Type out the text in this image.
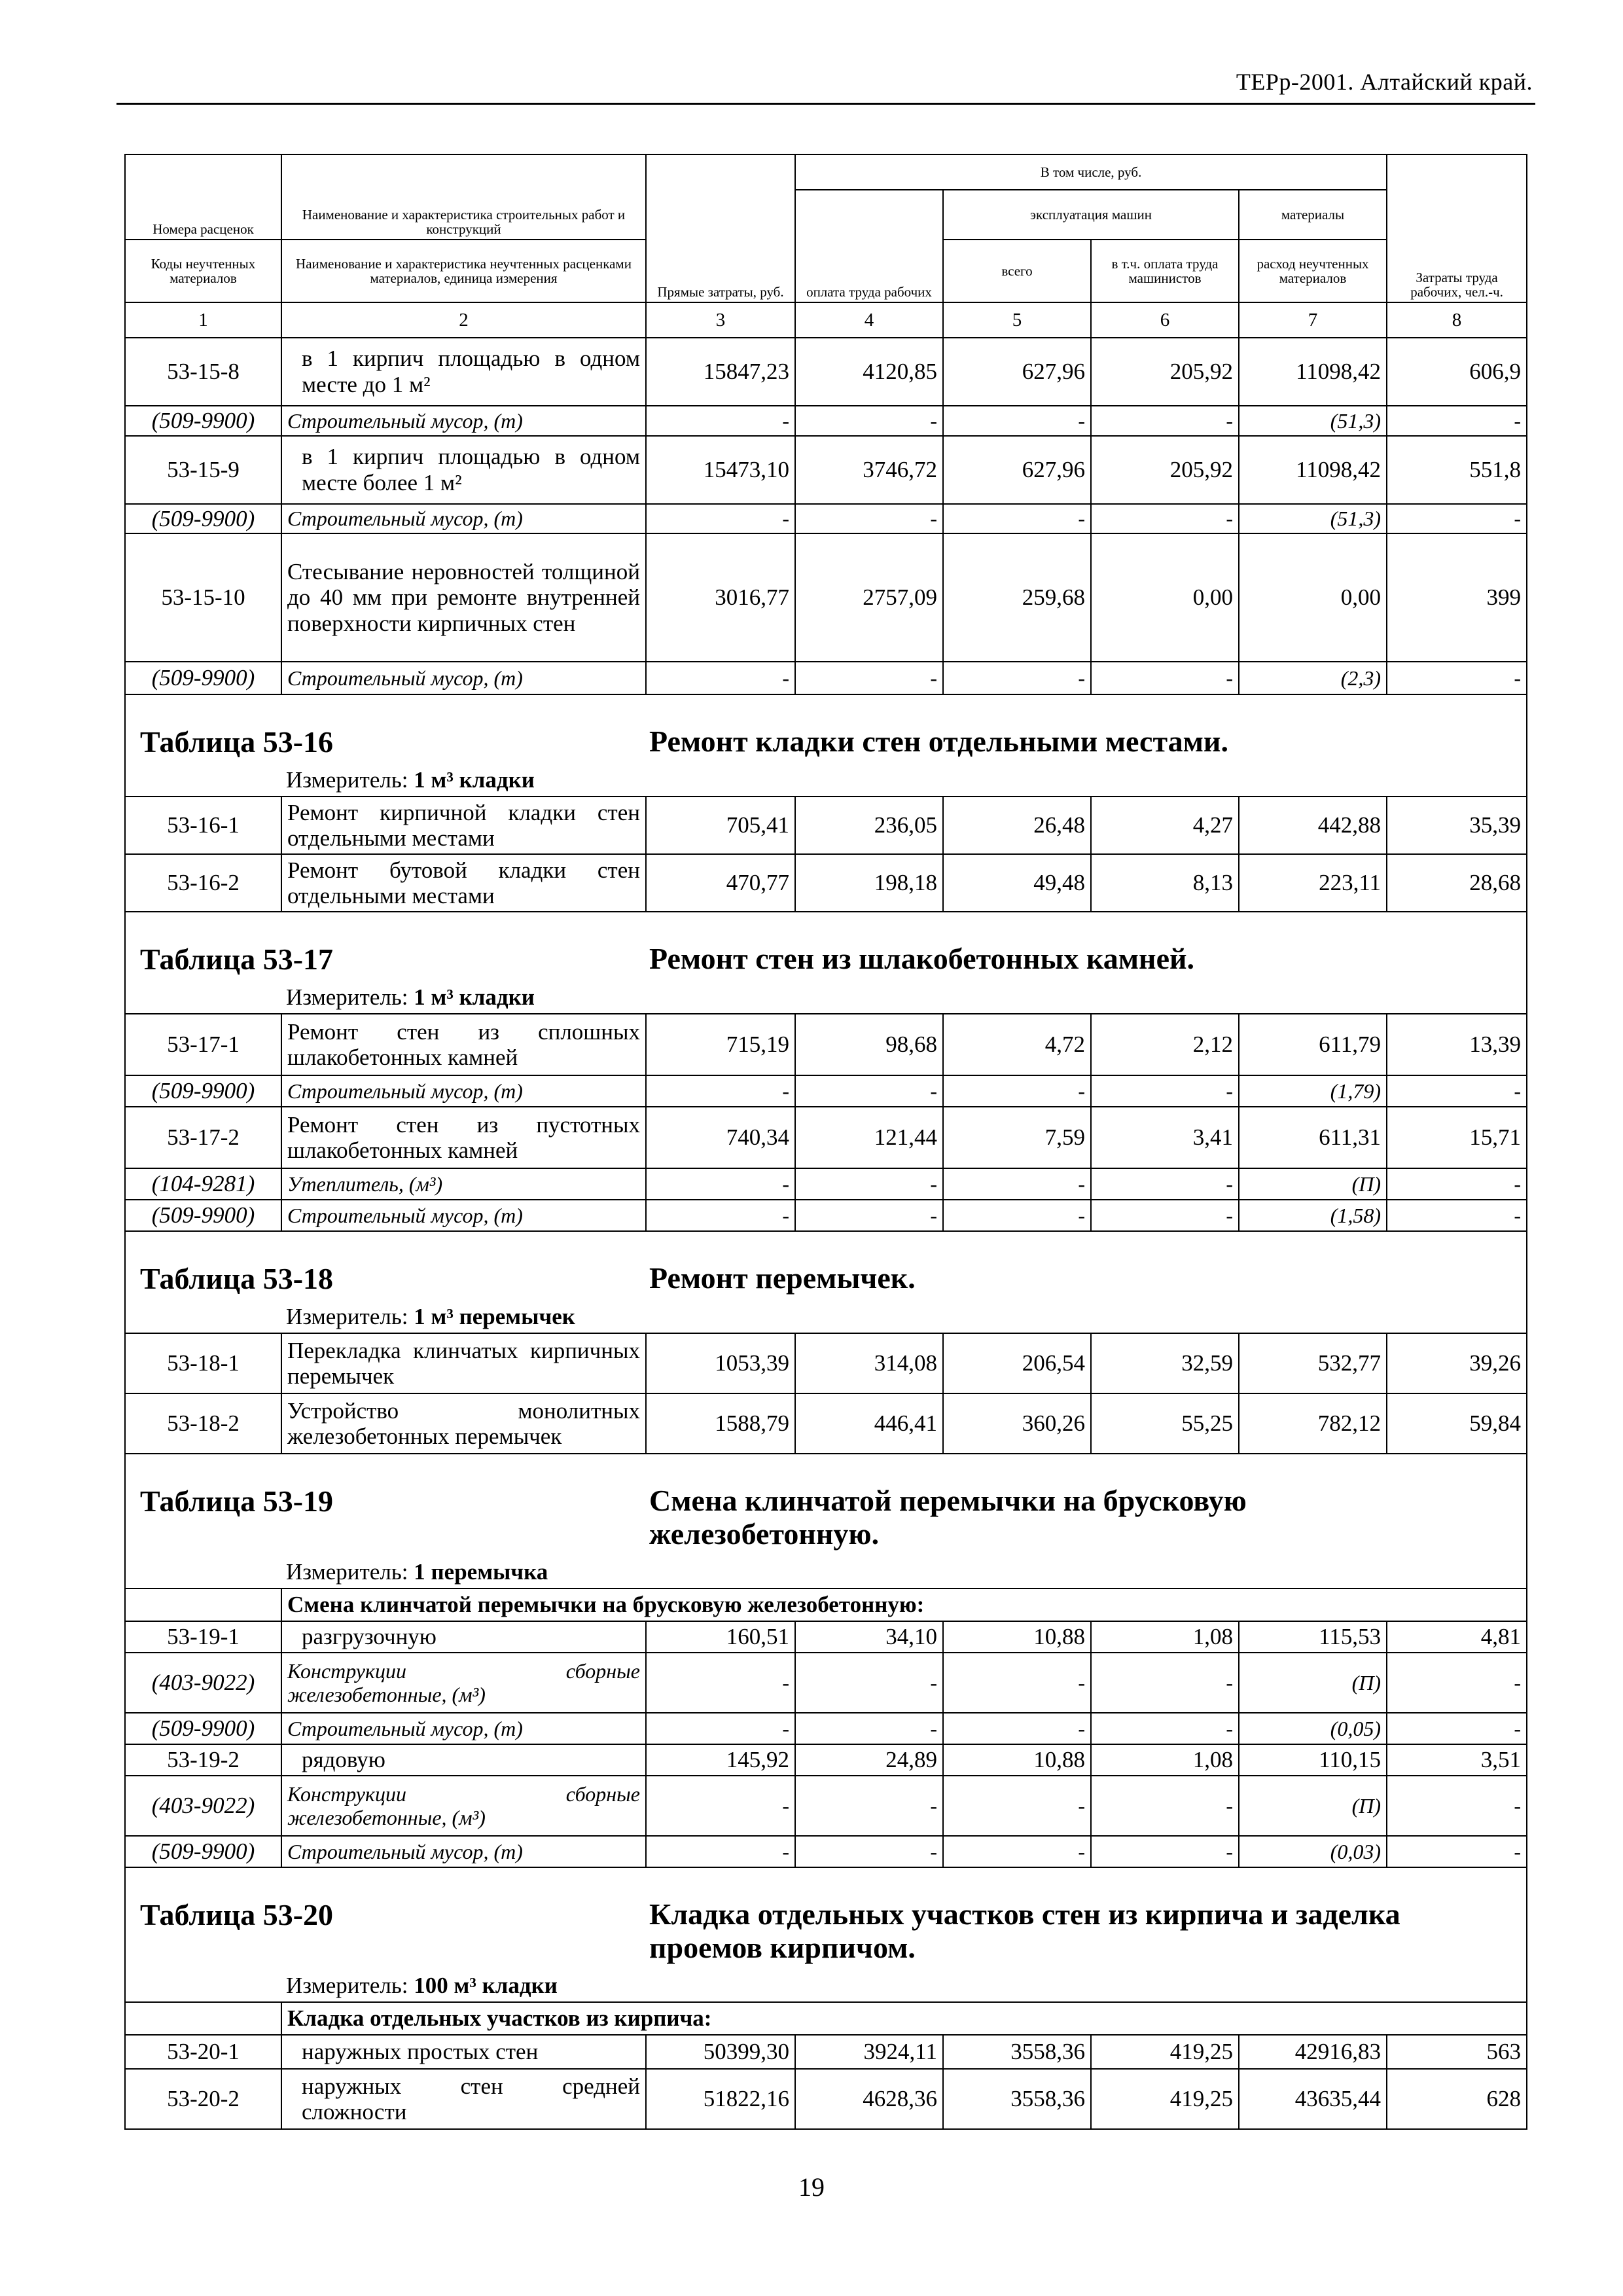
ТЕРр-2001. Алтайский край.
Номера расценок	Наименование и характеристика строительных работ и конструкций	Прямые затраты, руб.	В том числе, руб.				Затраты труда рабочих, чел.-ч.
			оплата труда рабочих	эксплуатация машин		материалы	
Коды неучтенных материалов	Наименование и характеристика неучтенных расценками материалов, единица измерения			всего	в т.ч. оплата труда машинистов	расход неучтенных материалов	
1	2	3	4	5	6	7	8
53-15-8	в 1 кирпич площадью в одном месте до 1 м²	15847,23	4120,85	627,96	205,92	11098,42	606,9
(509-9900)	Строительный мусор, (т)	-	-	-	-	(51,3)	-
53-15-9	в 1 кирпич площадью в одном месте более 1 м²	15473,10	3746,72	627,96	205,92	11098,42	551,8
(509-9900)	Строительный мусор, (т)	-	-	-	-	(51,3)	-
53-15-10	Стесывание неровностей толщиной до 40 мм при ремонте внутренней поверхности кирпичных стен	3016,77	2757,09	259,68	0,00	0,00	399
(509-9900)	Строительный мусор, (т)	-	-	-	-	(2,3)	-

Таблица 53-16 Ремонт кладки стен отдельными местами.
Измеритель: 1 м³ кладки							

53-16-1	Ремонт кирпичной кладки стен отдельными местами	705,41	236,05	26,48	4,27	442,88	35,39
53-16-2	Ремонт бутовой кладки стен отдельными местами	470,77	198,18	49,48	8,13	223,11	28,68

Таблица 53-17 Ремонт стен из шлакобетонных камней.
Измеритель: 1 м³ кладки							

53-17-1	Ремонт стен из сплошных шлакобетонных камней	715,19	98,68	4,72	2,12	611,79	13,39
(509-9900)	Строительный мусор, (т)	-	-	-	-	(1,79)	-
53-17-2	Ремонт стен из пустотных шлакобетонных камней	740,34	121,44	7,59	3,41	611,31	15,71
(104-9281)	Утеплитель, (м³)	-	-	-	-	(П)	-
(509-9900)	Строительный мусор, (т)	-	-	-	-	(1,58)	-

Таблица 53-18 Ремонт перемычек.
Измеритель: 1 м³ перемычек							

53-18-1	Перекладка клинчатых кирпичных перемычек	1053,39	314,08	206,54	32,59	532,77	39,26
53-18-2	Устройство монолитных железобетонных перемычек	1588,79	446,41	360,26	55,25	782,12	59,84

Таблица 53-19 Смена клинчатой перемычки на брусковую железобетонную.
Измеритель: 1 перемычка							

	Смена клинчатой перемычки на брусковую железобетонную:						
53-19-1	разгрузочную	160,51	34,10	10,88	1,08	115,53	4,81
(403-9022)	Конструкции сборные железобетонные, (м³)	-	-	-	-	(П)	-
(509-9900)	Строительный мусор, (т)	-	-	-	-	(0,05)	-
53-19-2	рядовую	145,92	24,89	10,88	1,08	110,15	3,51
(403-9022)	Конструкции сборные железобетонные, (м³)	-	-	-	-	(П)	-
(509-9900)	Строительный мусор, (т)	-	-	-	-	(0,03)	-

Таблица 53-20 Кладка отдельных участков стен из кирпича и заделка проемов кирпичом.
Измеритель: 100 м³ кладки							

	Кладка отдельных участков из кирпича:						
53-20-1	наружных простых стен	50399,30	3924,11	3558,36	419,25	42916,83	563
53-20-2	наружных стен средней сложности	51822,16	4628,36	3558,36	419,25	43635,44	628
19
